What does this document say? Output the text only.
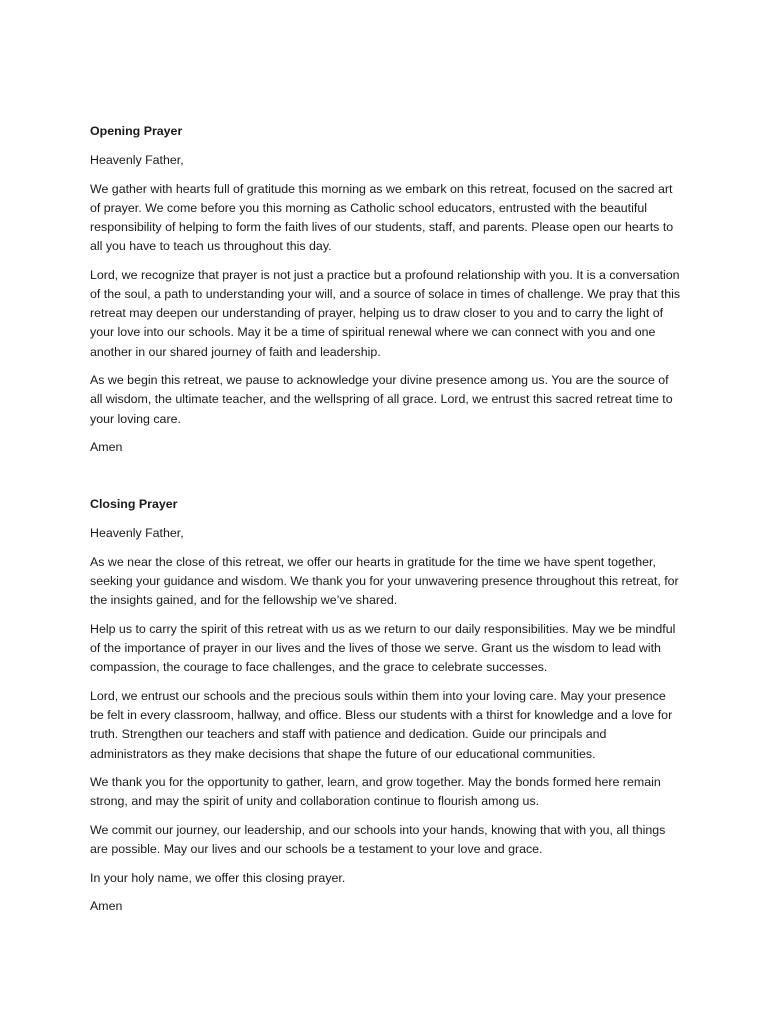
Opening Prayer

Heavenly Father,

We gather with hearts full of gratitude this morning as we embark on this retreat, focused on the sacred art of prayer. We come before you this morning as Catholic school educators, entrusted with the beautiful responsibility of helping to form the faith lives of our students, staff, and parents. Please open our hearts to all you have to teach us throughout this day.

Lord, we recognize that prayer is not just a practice but a profound relationship with you. It is a conversation of the soul, a path to understanding your will, and a source of solace in times of challenge. We pray that this retreat may deepen our understanding of prayer, helping us to draw closer to you and to carry the light of your love into our schools. May it be a time of spiritual renewal where we can connect with you and one another in our shared journey of faith and leadership.

As we begin this retreat, we pause to acknowledge your divine presence among us. You are the source of all wisdom, the ultimate teacher, and the wellspring of all grace. Lord, we entrust this sacred retreat time to your loving care.

Amen

Closing Prayer

Heavenly Father,

As we near the close of this retreat, we offer our hearts in gratitude for the time we have spent together, seeking your guidance and wisdom. We thank you for your unwavering presence throughout this retreat, for the insights gained, and for the fellowship we’ve shared.

Help us to carry the spirit of this retreat with us as we return to our daily responsibilities. May we be mindful of the importance of prayer in our lives and the lives of those we serve. Grant us the wisdom to lead with compassion, the courage to face challenges, and the grace to celebrate successes.

Lord, we entrust our schools and the precious souls within them into your loving care. May your presence be felt in every classroom, hallway, and office. Bless our students with a thirst for knowledge and a love for truth. Strengthen our teachers and staff with patience and dedication. Guide our principals and administrators as they make decisions that shape the future of our educational communities.

We thank you for the opportunity to gather, learn, and grow together. May the bonds formed here remain strong, and may the spirit of unity and collaboration continue to flourish among us.

We commit our journey, our leadership, and our schools into your hands, knowing that with you, all things are possible. May our lives and our schools be a testament to your love and grace.

In your holy name, we offer this closing prayer.

Amen
